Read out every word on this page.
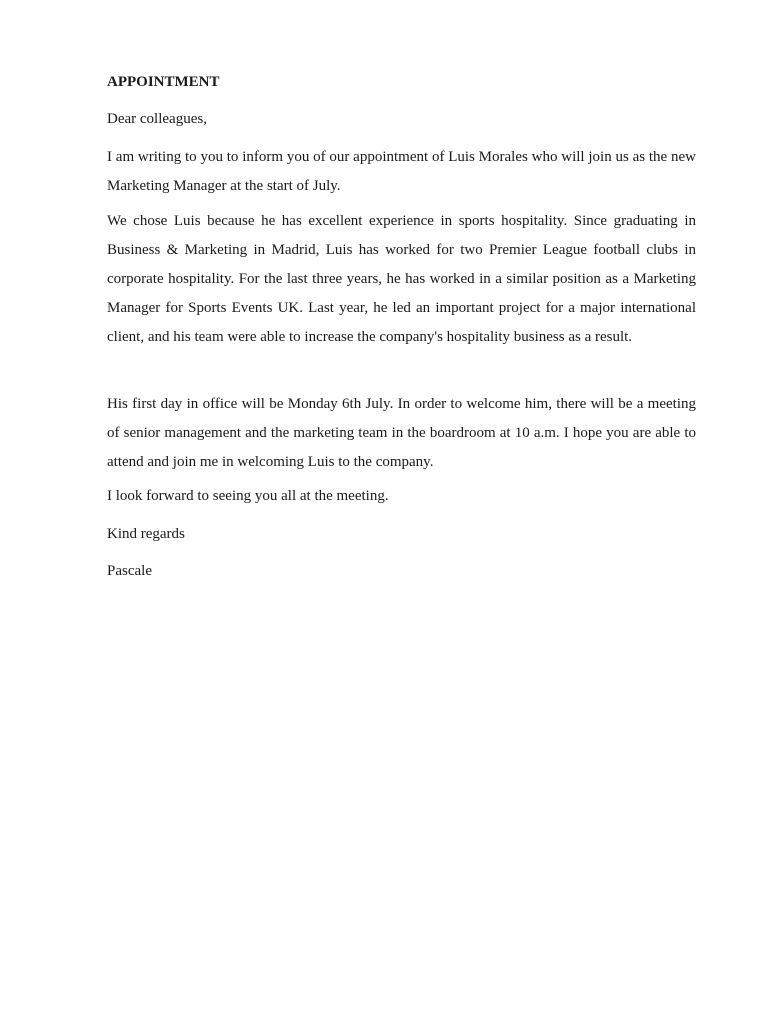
APPOINTMENT

Dear colleagues,

I am writing to you to inform you of our appointment of Luis Morales who will join us as the new Marketing Manager at the start of July.

We chose Luis because he has excellent experience in sports hospitality. Since graduating in Business & Marketing in Madrid, Luis has worked for two Premier League football clubs in corporate hospitality. For the last three years, he has worked in a similar position as a Marketing Manager for Sports Events UK. Last year, he led an important project for a major international client, and his team were able to increase the company's hospitality business as a result.

His first day in office will be Monday 6th July. In order to welcome him, there will be a meeting of senior management and the marketing team in the boardroom at 10 a.m. I hope you are able to attend and join me in welcoming Luis to the company.

I look forward to seeing you all at the meeting.

Kind regards

Pascale
